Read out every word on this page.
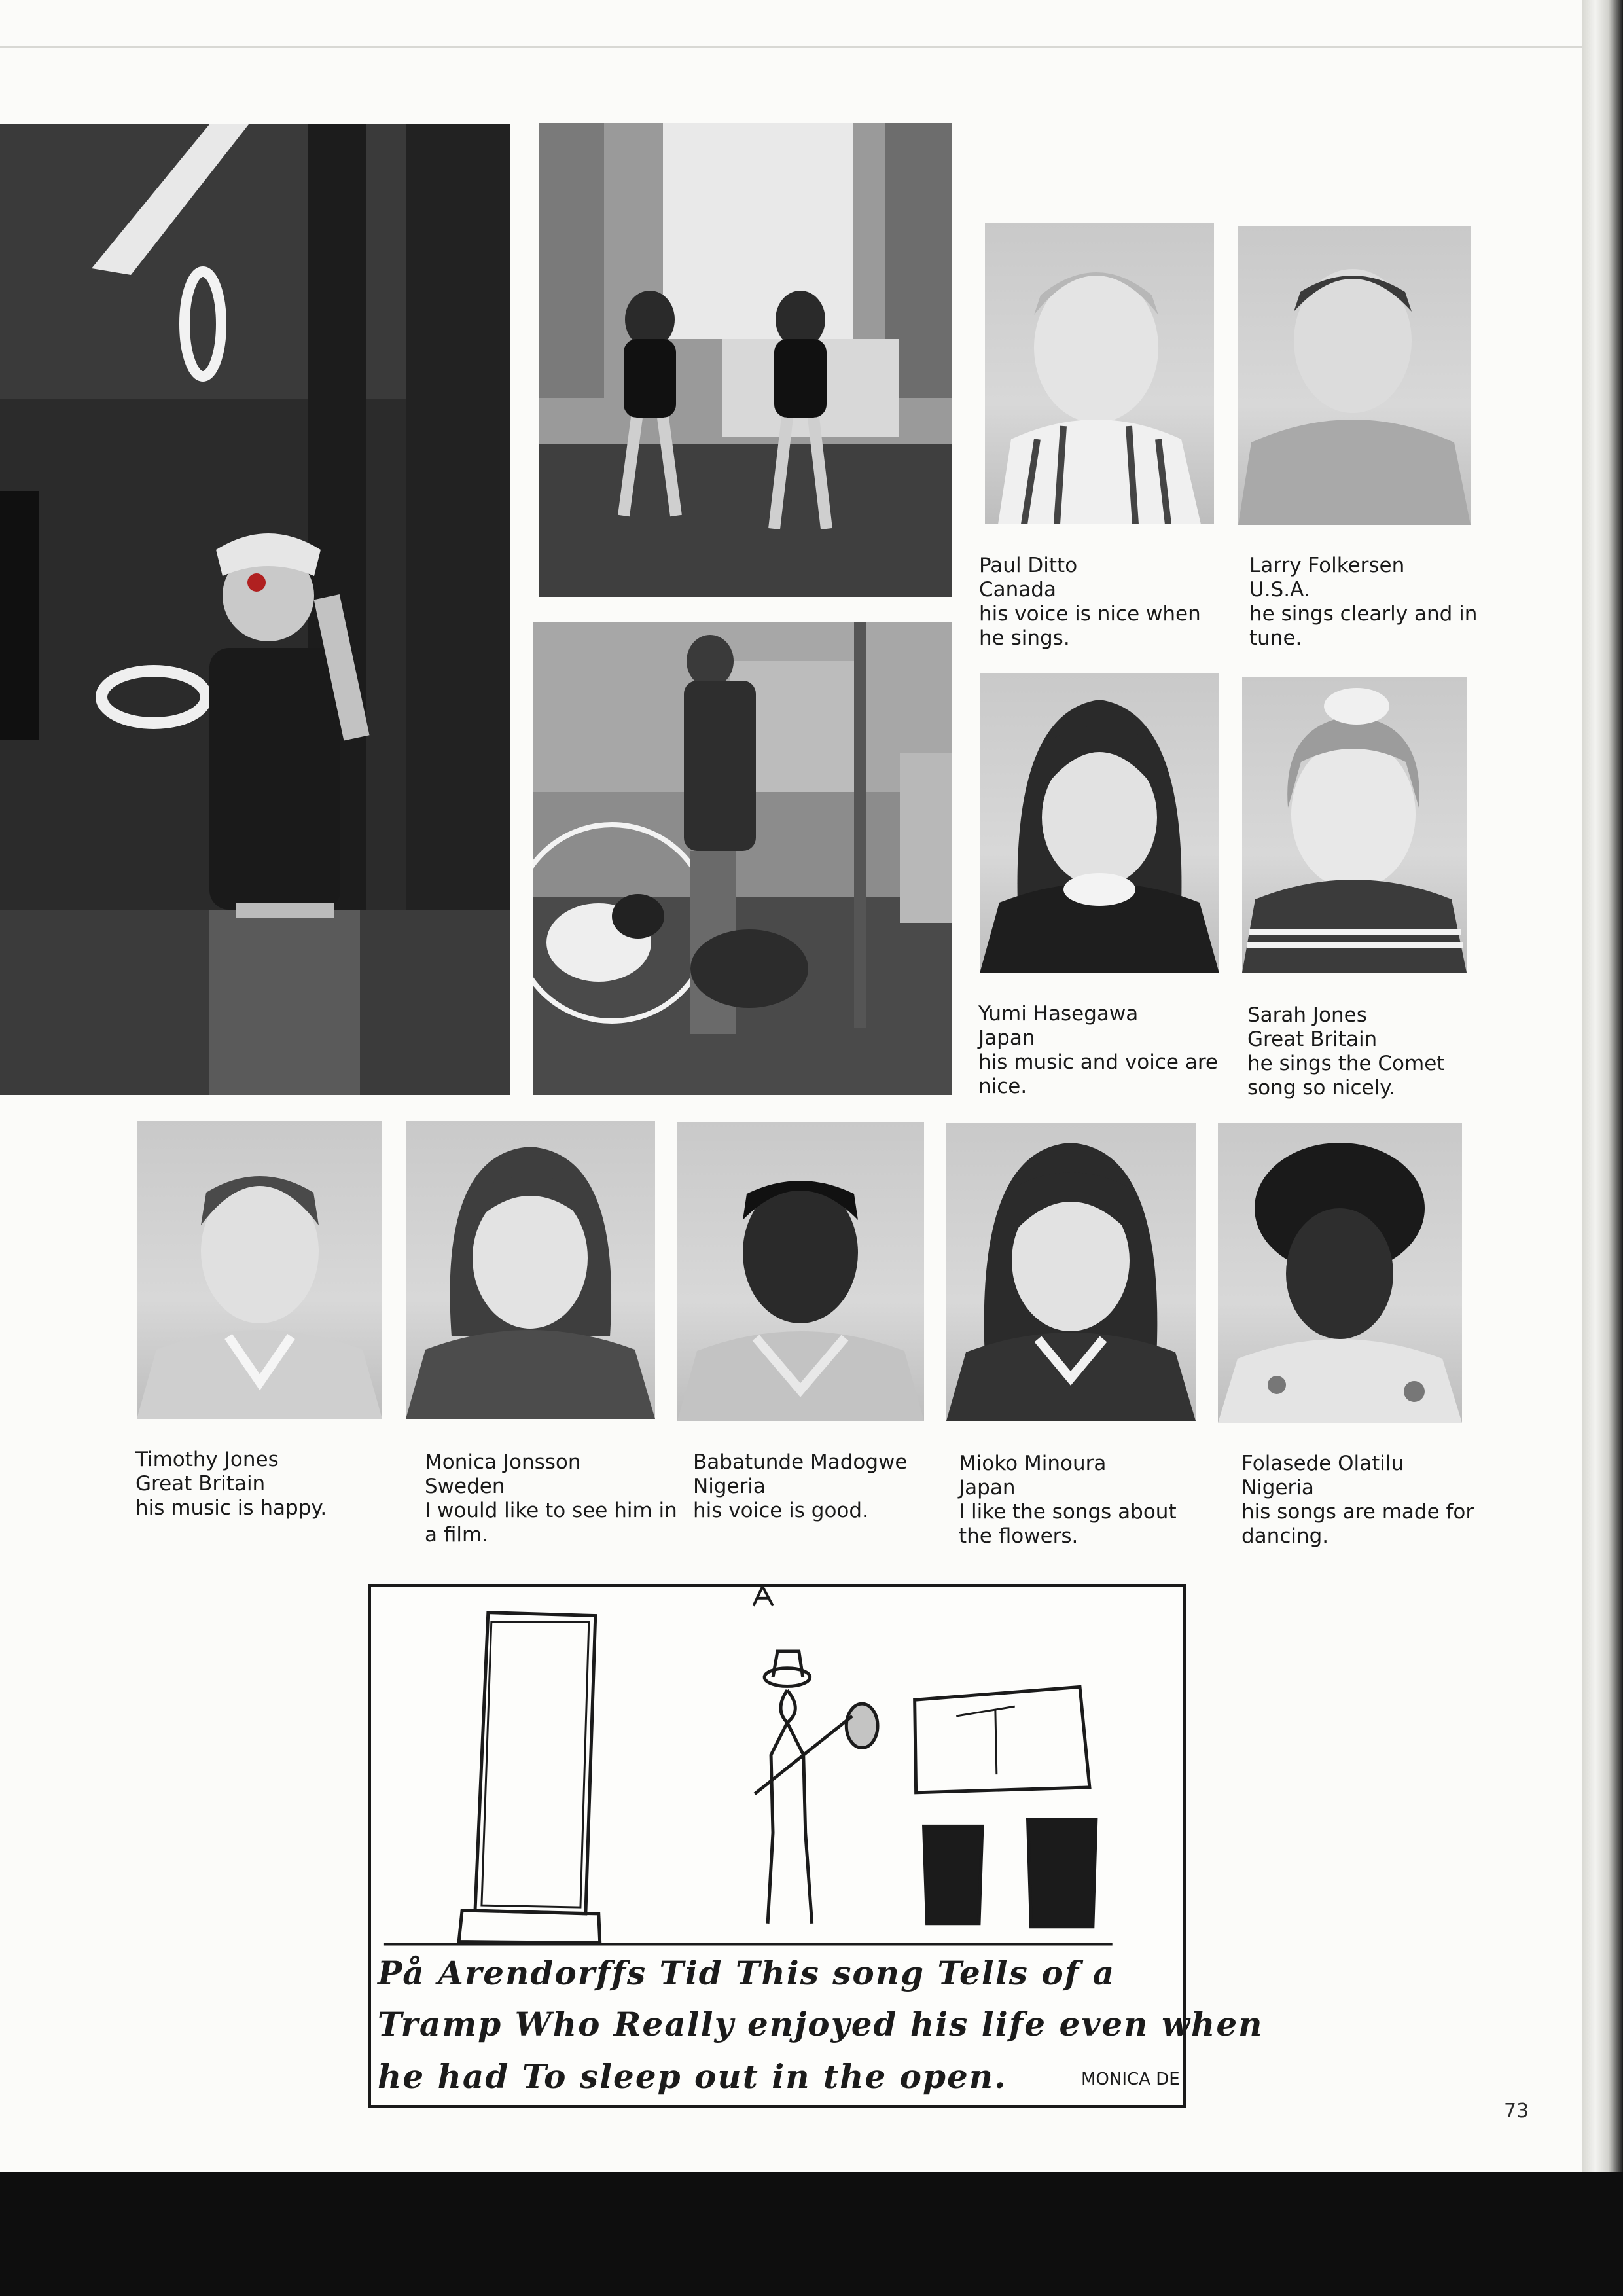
Paul Ditto
Canada
his voice is nice when he sings.
Larry Folkersen
U.S.A.
he sings clearly and in tune.
Yumi Hasegawa
Japan
his music and voice are nice.
Sarah Jones
Great Britain
he sings the Comet song so nicely.
Timothy Jones
Great Britain
his music is happy.
Monica Jonsson
Sweden
I would like to see him in a film.
Babatunde Madogwe
Nigeria
his voice is good.
Mioko Minoura
Japan
I like the songs about the flowers.
Folasede Olatilu
Nigeria
his songs are made for dancing.
På Arendorffs Tid This song Tells of a
Tramp Who Really enjoyed his life even when
he had To sleep out in the open.	MONICA DE
73
